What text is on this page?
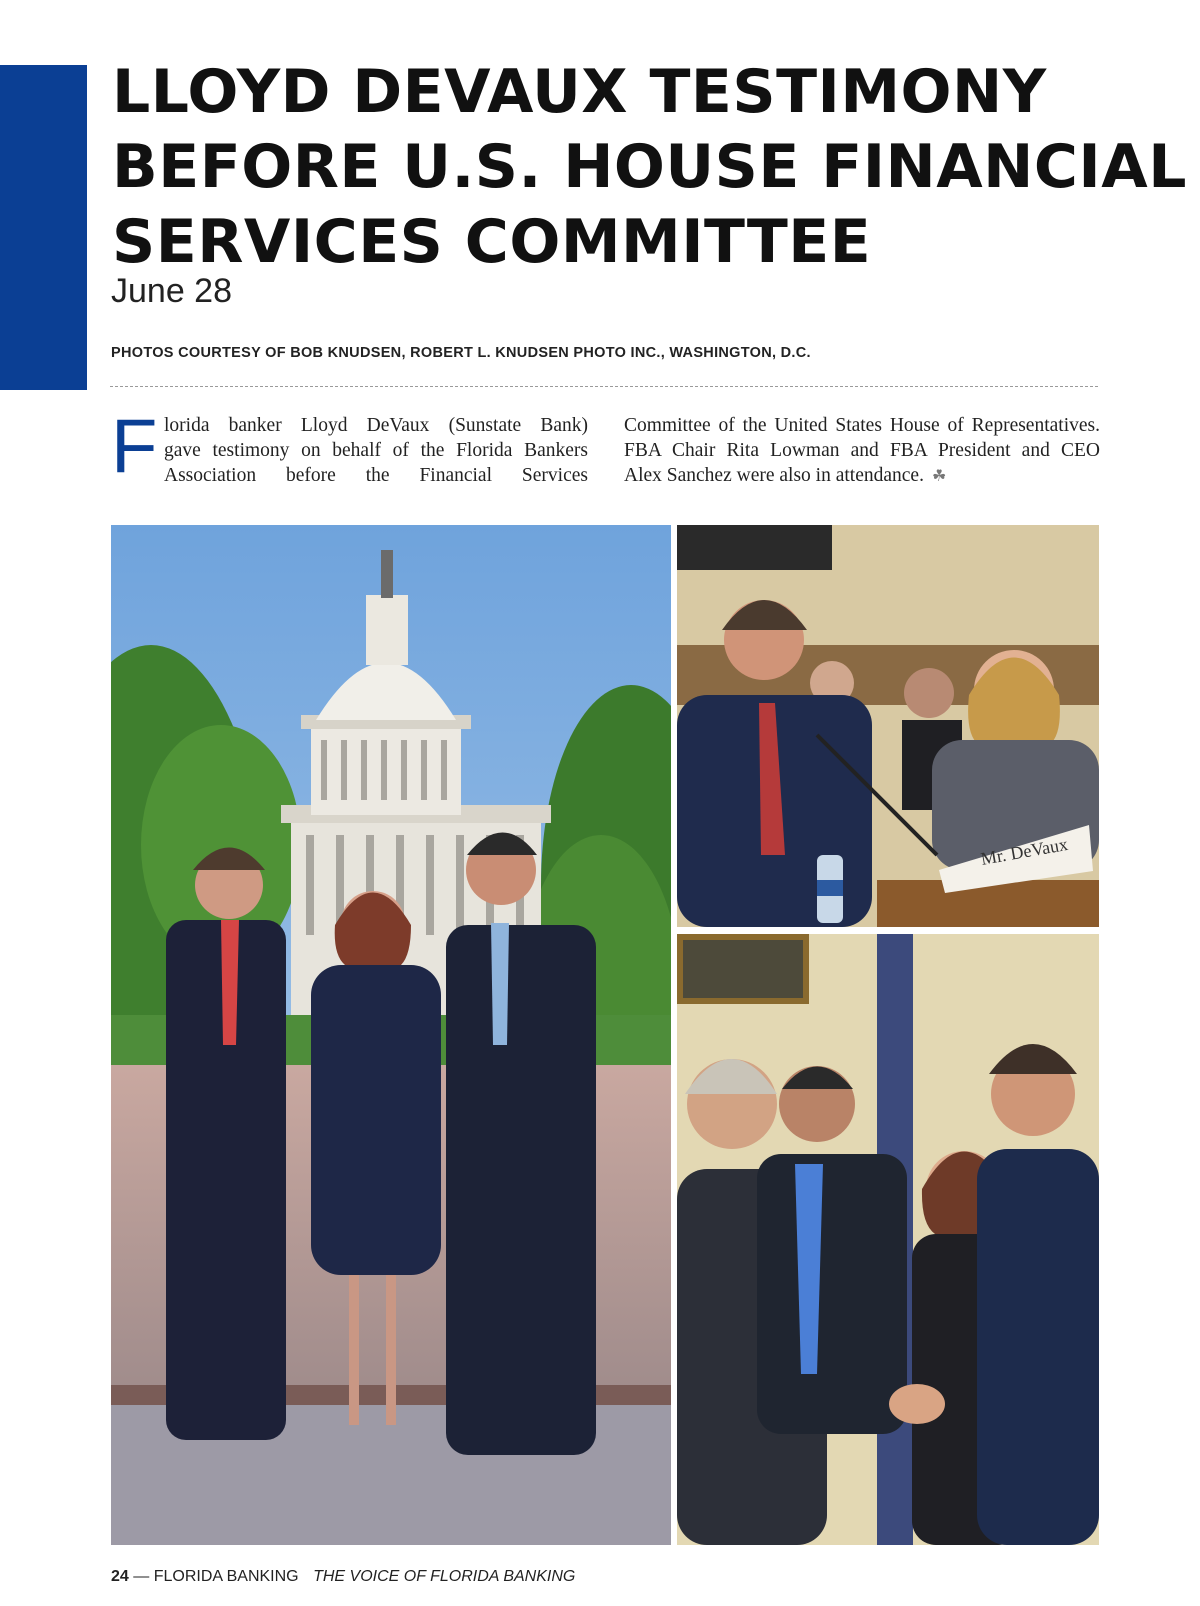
LLOYD DEVAUX TESTIMONY
BEFORE U.S. HOUSE FINANCIAL
SERVICES COMMITTEE
June 28
PHOTOS COURTESY OF BOB KNUDSEN, ROBERT L. KNUDSEN PHOTO INC., WASHINGTON, D.C.
F lorida banker Lloyd DeVaux (Sunstate Bank)
gave testimony on behalf of the Florida Bankers
Association before the Financial Services
Committee of the United States House of Representatives.
FBA Chair Rita Lowman and FBA President and CEO
Alex Sanchez were also in attendance. ☘
Mr. DeVaux
24 — FLORIDA BANKING THE VOICE OF FLORIDA BANKING
